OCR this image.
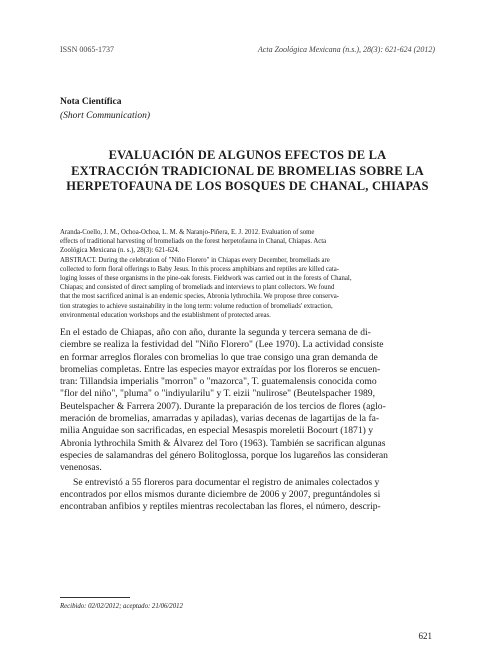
ISSN 0065-1737	Acta Zoológica Mexicana (n.s.), 28(3): 621-624 (2012)
Nota Científica
(Short Communication)
EVALUACIÓN DE ALGUNOS EFECTOS DE LA
EXTRACCIÓN TRADICIONAL DE BROMELIAS SOBRE LA
HERPETOFAUNA DE LOS BOSQUES DE CHANAL, CHIAPAS
Aranda-Coello, J. M., Ochoa-Ochoa, L. M. & Naranjo-Piñera, E. J. 2012. Evaluation of some
effects of traditional harvesting of bromeliads on the forest herpetofauna in Chanal, Chiapas. Acta
Zoológica Mexicana (n. s.), 28(3): 621-624.
ABSTRACT. During the celebration of "Niño Florero" in Chiapas every December, bromeliads are
collected to form floral offerings to Baby Jesus. In this process amphibians and reptiles are killed cata-
loging losses of these organisms in the pine-oak forests. Fieldwork was carried out in the forests of Chanal,
Chiapas; and consisted of direct sampling of bromeliads and interviews to plant collectors. We found
that the most sacrificed animal is an endemic species, Abronia lythrochila. We propose three conserva-
tion strategies to achieve sustainability in the long term: volume reduction of bromeliads' extraction,
environmental education workshops and the establishment of protected areas.
En el estado de Chiapas, año con año, durante la segunda y tercera semana de di-
ciembre se realiza la festividad del "Niño Florero" (Lee 1970). La actividad consiste
en formar arreglos florales con bromelias lo que trae consigo una gran demanda de
bromelias completas. Entre las especies mayor extraídas por los floreros se encuen-
tran: Tillandsia imperialis "morron" o "mazorca", T. guatemalensis conocida como
"flor del niño", "pluma" o "indiyularilu" y T. eizii "nulirose" (Beutelspacher 1989,
Beutelspacher & Farrera 2007). Durante la preparación de los tercios de flores (aglo-
meración de bromelias, amarradas y apiladas), varias decenas de lagartijas de la fa-
milia Anguidae son sacrificadas, en especial Mesaspis moreletii Bocourt (1871) y
Abronia lythrochila Smith & Álvarez del Toro (1963). También se sacrifican algunas
especies de salamandras del género Bolitoglossa, porque los lugareños las consideran
venenosas.
Se entrevistó a 55 floreros para documentar el registro de animales colectados y
encontrados por ellos mismos durante diciembre de 2006 y 2007, preguntándoles si
encontraban anfibios y reptiles mientras recolectaban las flores, el número, descrip-
Recibido: 02/02/2012; aceptado: 21/06/2012
621
